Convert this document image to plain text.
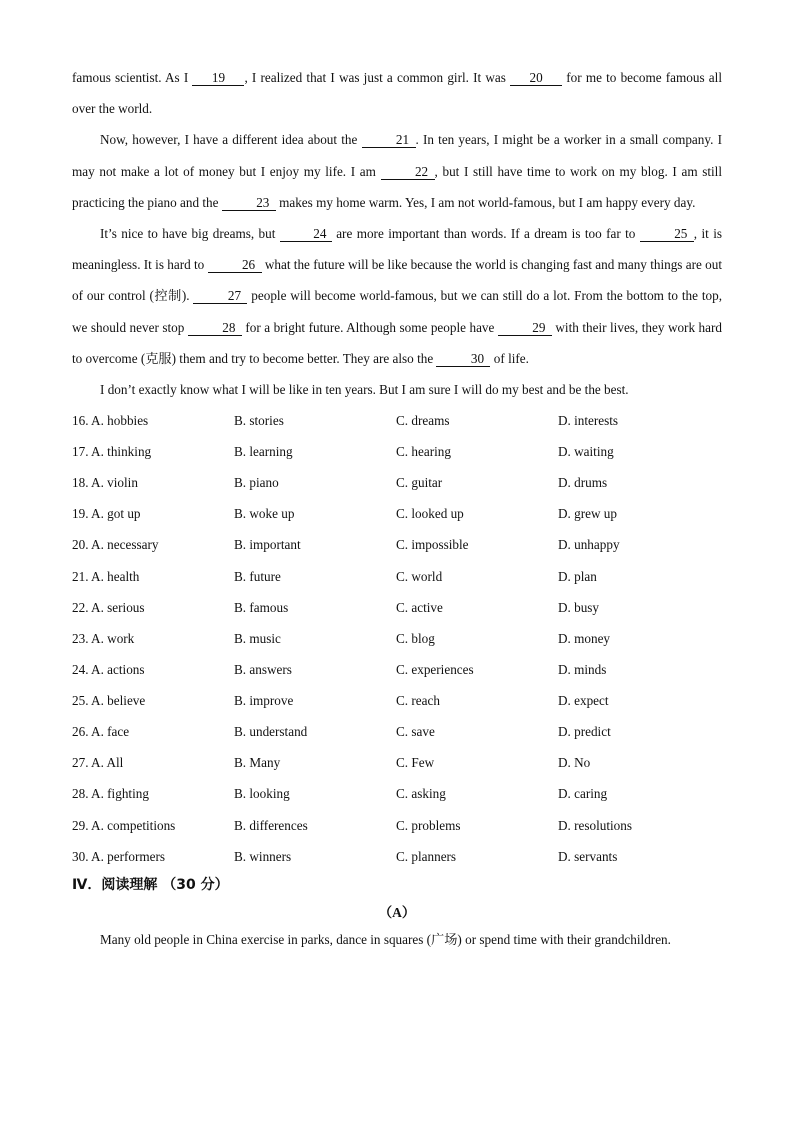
famous scientist. As I 19 , I realized that I was just a common girl. It was 20 for me to become famous all over the world.

Now, however, I have a different idea about the	21 . In ten years, I might be a worker in a small company. I may not make a lot of money but I enjoy my life. I am	22 , but I still have time to work on my blog. I am still practicing the piano and the	23 makes my home warm. Yes, I am not world-famous, but I am happy every day.

It’s nice to have big dreams, but	24 are more important than words. If a dream is too far to	25 , it is meaningless. It is hard to	26 what the future will be like because the world is changing fast and many things are out of our control (控制).	27 people will become world-famous, but we can still do a lot. From the bottom to the top, we should never stop	28 for a bright future. Although some people have	29 with their lives, they work hard to overcome (克服) them and try to become better. They are also the	30 of life.

I don’t exactly know what I will be like in ten years. But I am sure I will do my best and be the best.

16. A. hobbies	B. stories	C. dreams	D. interests
17. A. thinking	B. learning	C. hearing	D. waiting
18. A. violin	B. piano	C. guitar	D. drums
19. A. got up	B. woke up	C. looked up	D. grew up
20. A. necessary	B. important	C. impossible	D. unhappy
21. A. health	B. future	C. world	D. plan
22. A. serious	B. famous	C. active	D. busy
23. A. work	B. music	C. blog	D. money
24. A. actions	B. answers	C. experiences	D. minds
25. A. believe	B. improve	C. reach	D. expect
26. A. face	B. understand	C. save	D. predict
27. A. All	B. Many	C. Few	D. No
28. A. fighting	B. looking	C. asking	D. caring
29. A. competitions	B. differences	C. problems	D. resolutions
30. A. performers	B. winners	C. planners	D. servants
Ⅳ．阅读理解 （30 分）
（A）

Many old people in China exercise in parks, dance in squares (广场) or spend time with their grandchildren.
